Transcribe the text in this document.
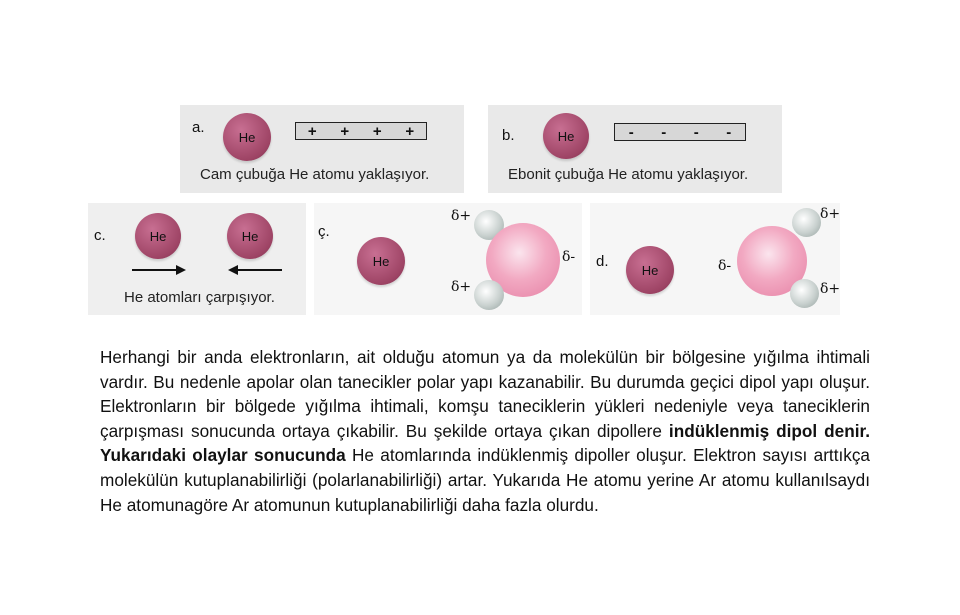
a.
He	+ + + +
Cam çubuğa He atomu yaklaşıyor.
b.	He	- - - -
Ebonit çubuğa He atomu yaklaşıyor.
c.	He	He
He atomları çarpışıyor.
ç.
He
δ+
δ-
δ+
d.	He	δ-
δ+
δ+

Herhangi bir anda elektronların, ait olduğu atomun ya da molekülün bir bölgesine yığılma ihtimali vardır. Bu nedenle apolar olan tanecikler polar yapı kazanabilir. Bu durumda geçici dipol yapı oluşur. Elektronların bir bölgede yığılma ihtimali, komşu taneciklerin yükleri nedeniyle veya taneciklerin çarpışması sonucunda ortaya çıkabilir. Bu şekilde ortaya çıkan dipollere indüklenmiş dipol denir. Yukarıdaki olaylar sonucunda He atomlarında indüklenmiş dipoller oluşur. Elektron sayısı arttıkça molekülün kutuplanabilirliği (polarlanabilirliği) artar. Yukarıda He atomu yerine Ar atomu kullanılsaydı He atomunagöre Ar atomunun kutuplanabilirliği daha fazla olurdu.
